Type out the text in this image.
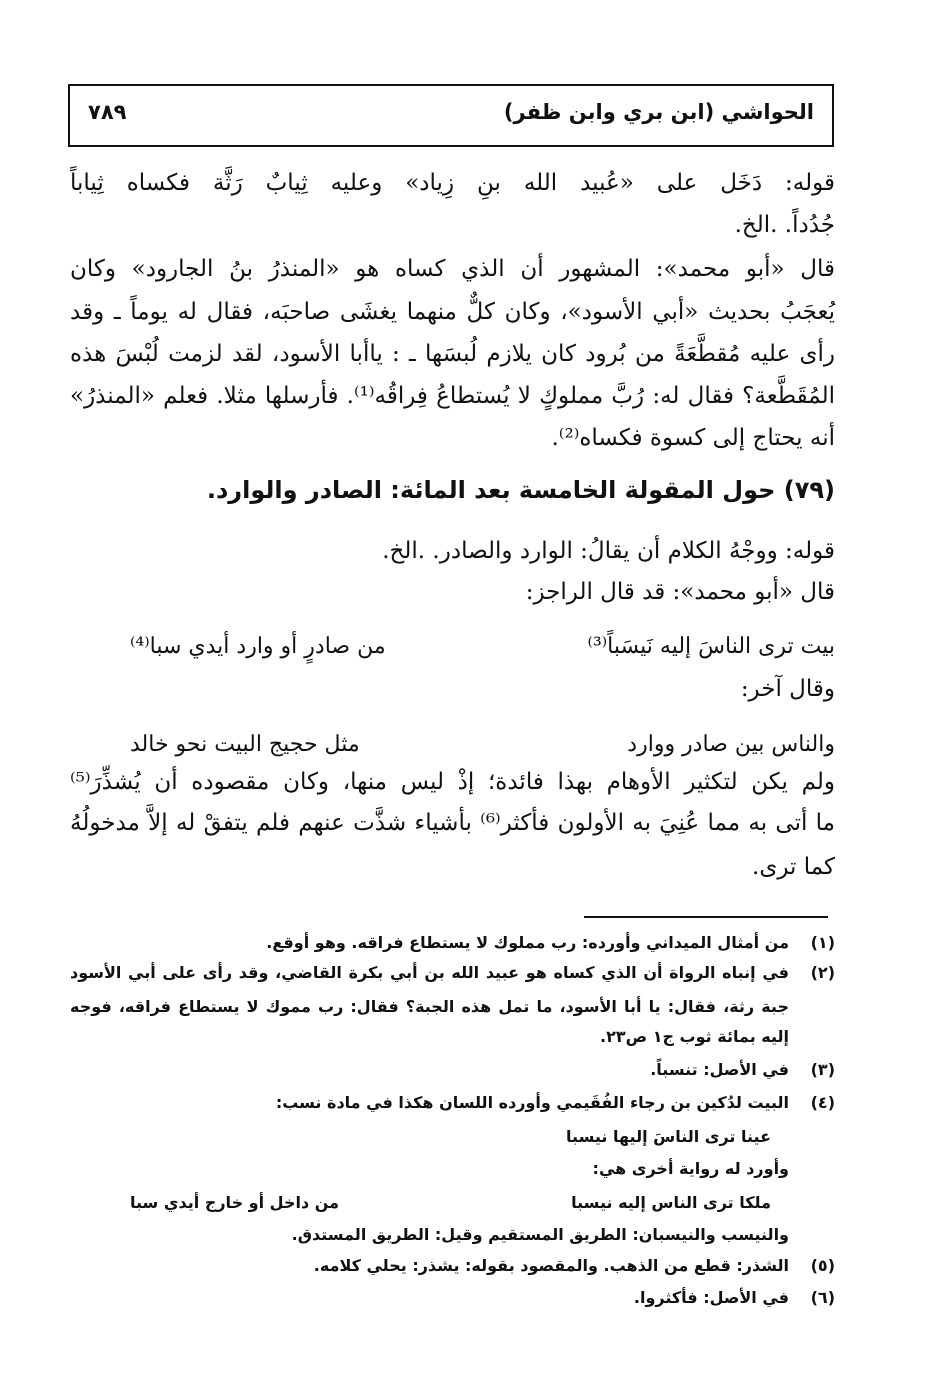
الحواشي (ابن بري وابن ظفر)
٧٨٩
قوله: دَخَل على «عُبيد الله بنِ زِياد» وعليه ثِيابٌ رَثَّة فكساه ثِياباً
جُدُداً. .الخ.
قال «أبو محمد»: المشهور أن الذي كساه هو «المنذرُ بنُ الجارود» وكان
يُعجَبُ بحديث «أبي الأسود»، وكان كلٌّ منهما يغشَى صاحبَه، فقال له يوماً ـ وقد
رأى عليه مُقطَّعَةً من بُرود كان يلازم لُبسَها ـ : ياأبا الأسود، لقد لزمت لُبْسَ هذه
المُقَطَّعة؟ فقال له: رُبَّ مملوكٍ لا يُستطاعُ فِراقُه⁽¹⁾. فأرسلها مثلا. فعلم «المنذرُ»
أنه يحتاج إلى كسوة فكساه⁽²⁾.
(٧٩) حول المقولة الخامسة بعد المائة: الصادر والوارد.
قوله: ووجْهُ الكلام أن يقالُ: الوارد والصادر. .الخ.
قال «أبو محمد»: قد قال الراجز:
بيت ترى الناسَ إليه نَيسَباً⁽³⁾
من صادرٍ أو وارد أيدي سبا⁽⁴⁾
وقال آخر:
والناس بين صادر ووارد
مثل حجيج البيت نحو خالد
ولم يكن لتكثير الأوهام بهذا فائدة؛ إذْ ليس منها، وكان مقصوده أن يُشذِّرَ⁽⁵⁾
ما أتى به مما عُنِيَ به الأولون فأكثر⁽⁶⁾ بأشياء شذَّت عنهم فلم يتفقْ له إلاَّ مدخولُهُ
كما ترى.
(١)
من أمثال الميداني وأورده: رب مملوك لا يستطاع فراقه. وهو أوقع.
(٢)
في إنباه الرواة أن الذي كساه هو عبيد الله بن أبي بكرة القاضي، وقد رأى على أبي الأسود
جبة رثة، فقال: يا أبا الأسود، ما تمل هذه الجبة؟ فقال: رب مموك لا يستطاع فراقه، فوجه
إليه بمائة ثوب ج١ ص٢٣.
(٣)
في الأصل: تنسباً.
(٤)
البيت لدُكين بن رجاء الفُقَيمي وأورده اللسان هكذا في مادة نسب:
عينا ترى الناسَ إليها نيسبا
وأورد له رواية أخرى هي:
ملكا ترى الناس إليه نيسبا
من داخل أو خارج أيدي سبا
والنيسب والنيسبان: الطريق المستقيم وقيل: الطريق المستدق.
(٥)
الشذر: قطع من الذهب. والمقصود بقوله: يشذر: يحلي كلامه.
(٦)
في الأصل: فأكثروا.
